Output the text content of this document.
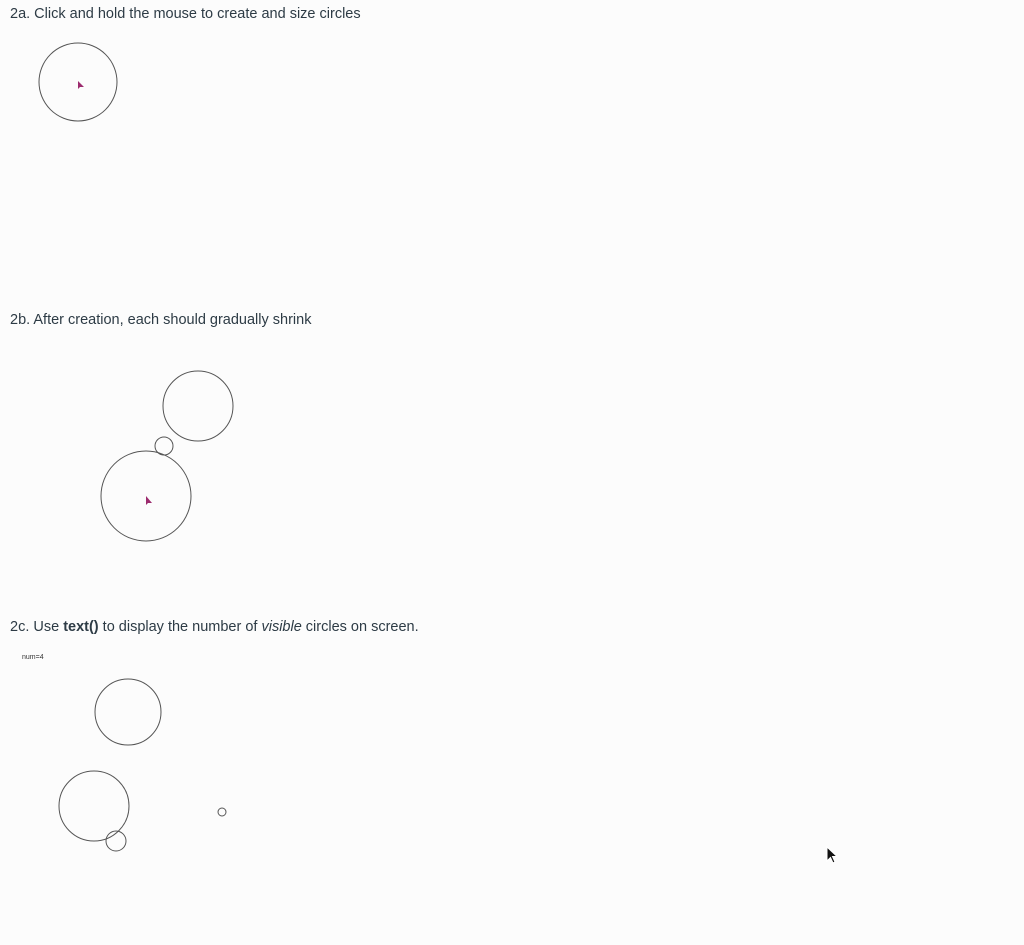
2a. Click and hold the mouse to create and size circles
2b. After creation, each should gradually shrink
2c. Use text() to display the number of visible circles on screen.
num=4
